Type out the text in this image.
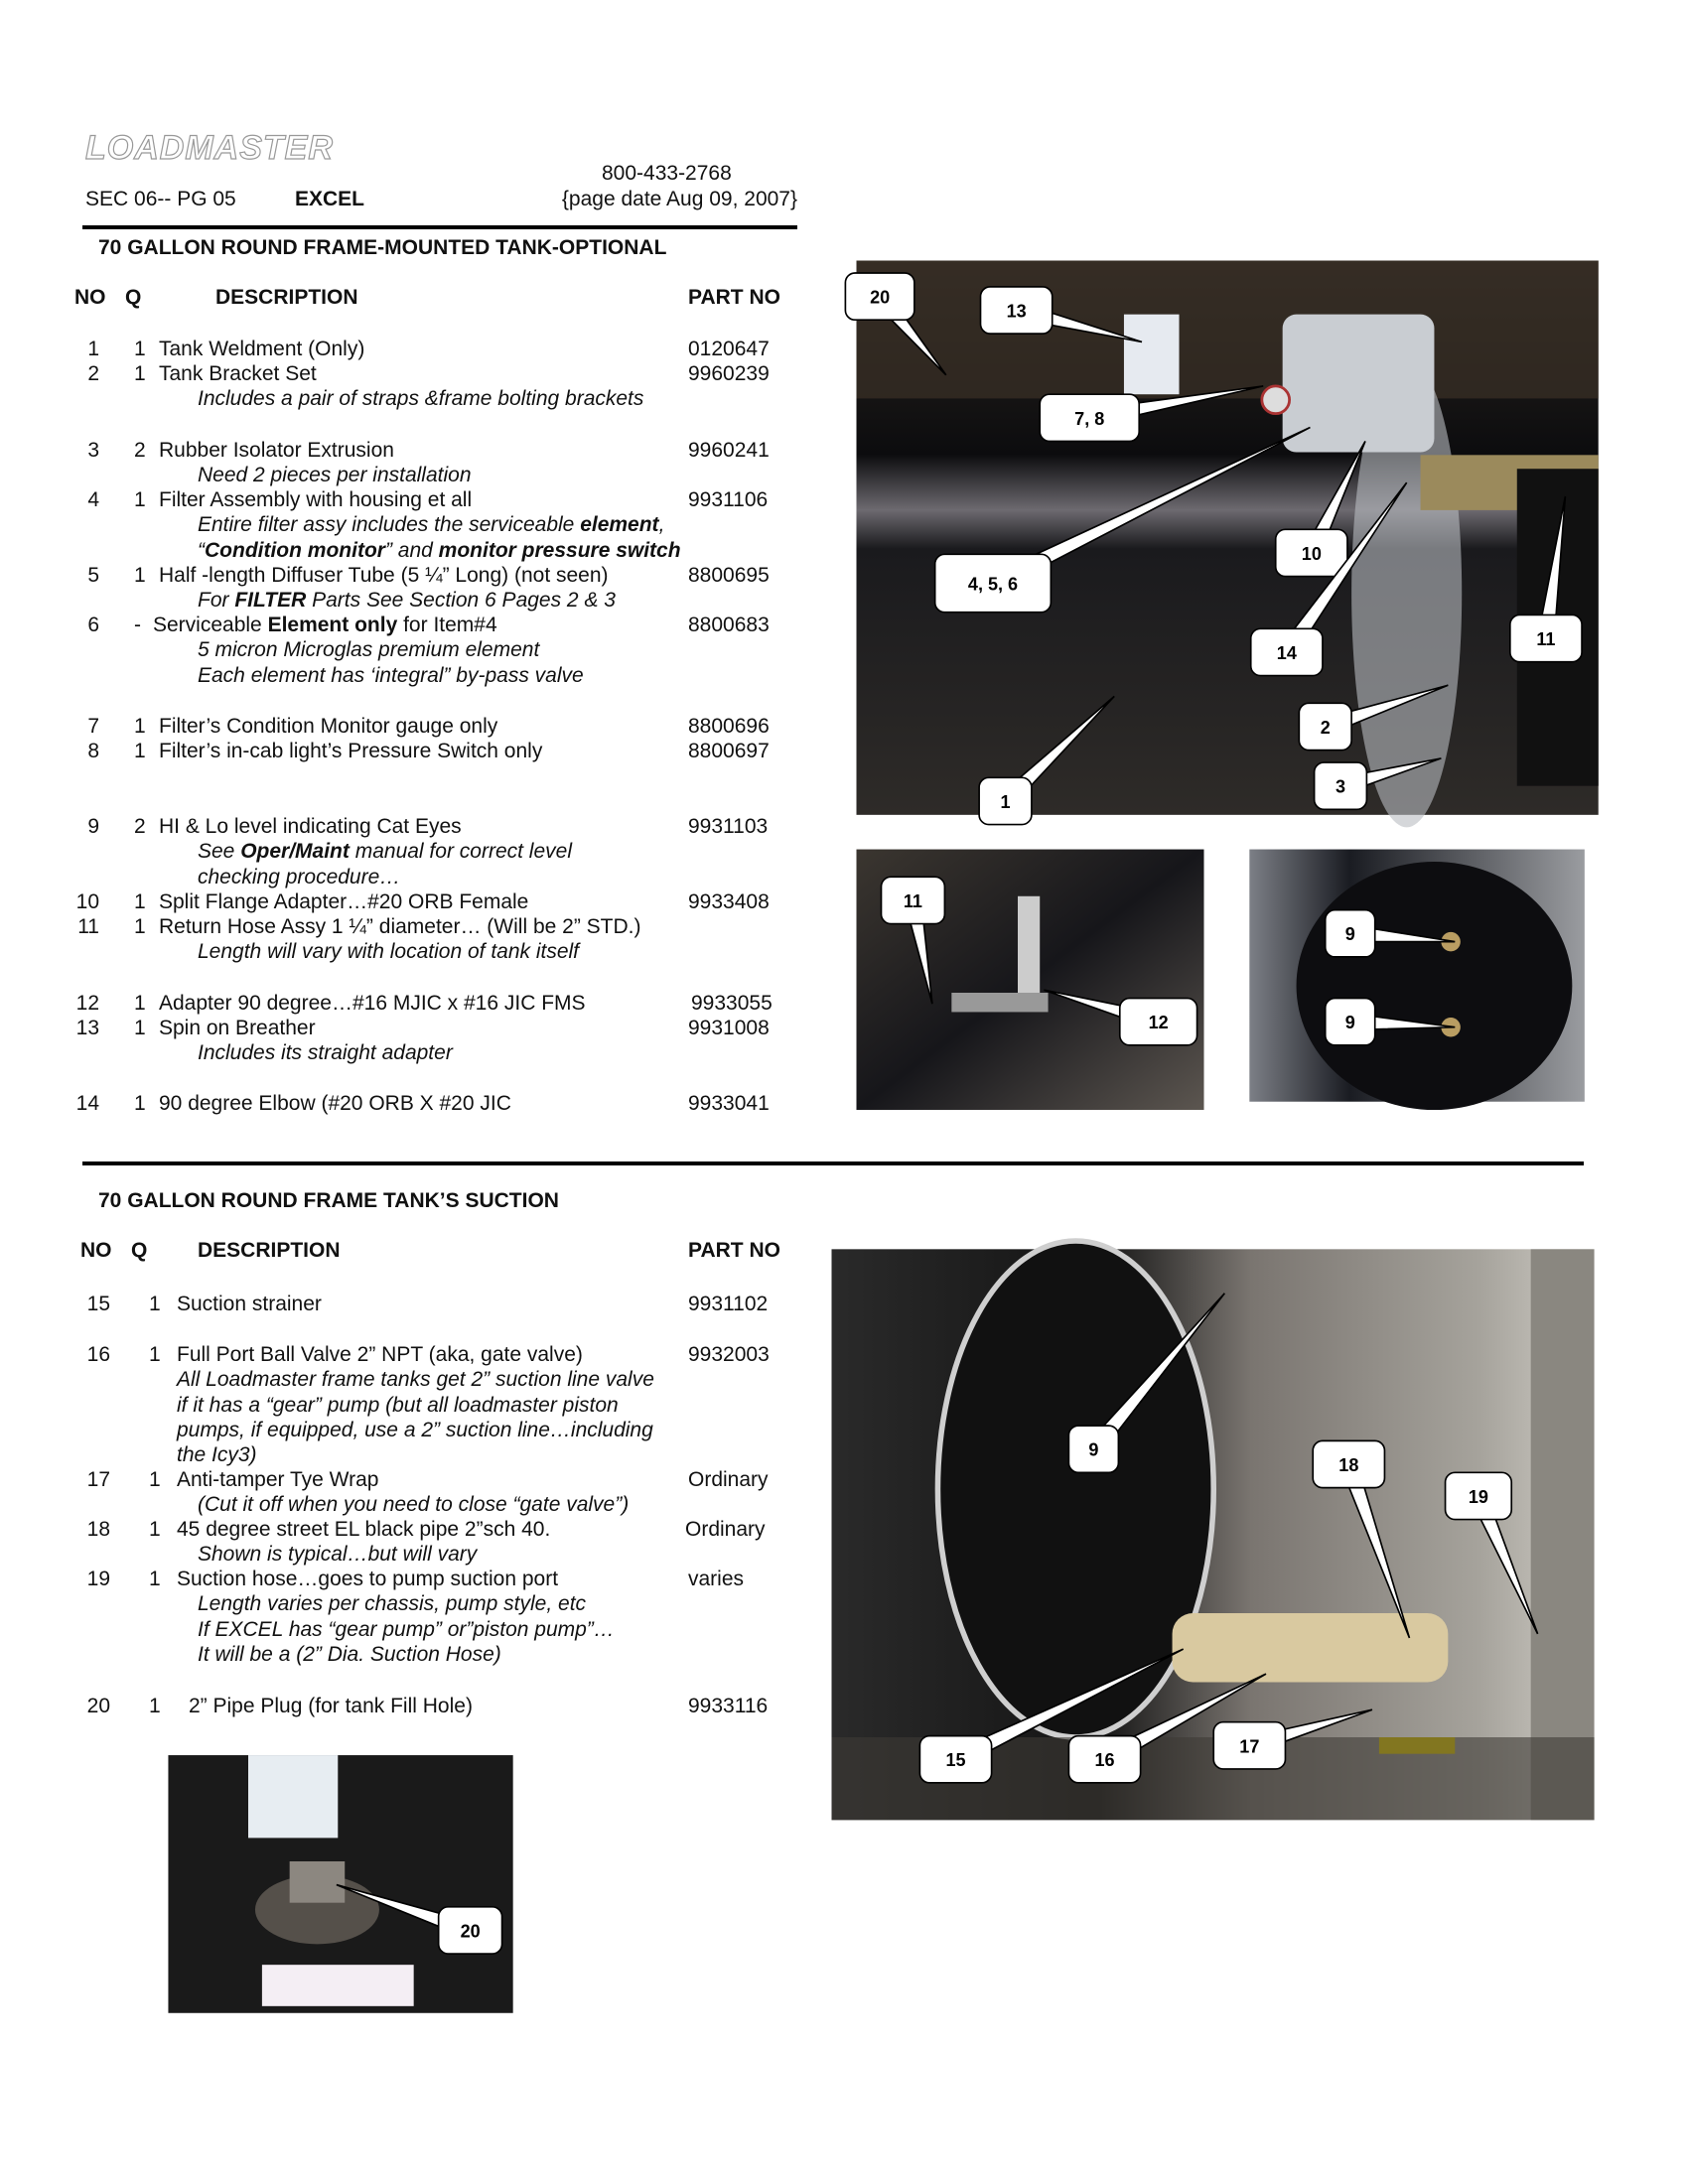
LOADMASTER
800-433-2768
SEC 06-- PG 05	EXCEL	{page date Aug 09, 2007}
70 GALLON ROUND FRAME-MOUNTED TANK-OPTIONAL
NO Q	DESCRIPTION	PART NO
1 1 Tank Weldment (Only)	0120647
2 1 Tank Bracket Set	9960239
Includes a pair of straps &frame bolting brackets
3 2 Rubber Isolator Extrusion	9960241
Need 2 pieces per installation
4 1 Filter Assembly with housing et all	9931106
Entire filter assy includes the serviceable element,
“Condition monitor” and monitor pressure switch
5 1 Half -length Diffuser Tube (5 ¼” Long) (not seen)	8800695
For FILTER Parts See Section 6 Pages 2 & 3
6 - Serviceable Element only for Item#4	8800683
5 micron Microglas premium element
Each element has ‘integral” by-pass valve
7 1 Filter’s Condition Monitor gauge only	8800696
8 1 Filter’s in-cab light’s Pressure Switch only	8800697
9 2 HI & Lo level indicating Cat Eyes	9931103
See Oper/Maint manual for correct level
checking procedure…
10 1 Split Flange Adapter…#20 ORB Female	9933408
11 1 Return Hose Assy 1 ¼” diameter… (Will be 2” STD.)
Length will vary with location of tank itself
12 1 Adapter 90 degree…#16 MJIC x #16 JIC FMS	9933055
13 1 Spin on Breather	9931008
Includes its straight adapter
14 1 90 degree Elbow (#20 ORB X #20 JIC	9933041
70 GALLON ROUND FRAME TANK’S SUCTION
NO Q DESCRIPTION	PART NO
15 1 Suction strainer	9931102
16 1 Full Port Ball Valve 2” NPT (aka, gate valve)	9932003
All Loadmaster frame tanks get 2” suction line valve
if it has a “gear” pump (but all loadmaster piston
pumps, if equipped, use a 2” suction line…including
the Icy3)
17 1 Anti-tamper Tye Wrap	Ordinary
(Cut it off when you need to close “gate valve”)
18 1 45 degree street EL black pipe 2”sch 40.	Ordinary
Shown is typical…but will vary
19 1 Suction hose…goes to pump suction port	varies
Length varies per chassis, pump style, etc
If EXCEL has “gear pump” or”piston pump”…
It will be a (2” Dia. Suction Hose)
20 1 2” Pipe Plug (for tank Fill Hole)	9933116
20
13
7, 8
4, 5, 6
10
14
11
2
3
1
11
12
9
9
9
18
19
17
15	16
20
